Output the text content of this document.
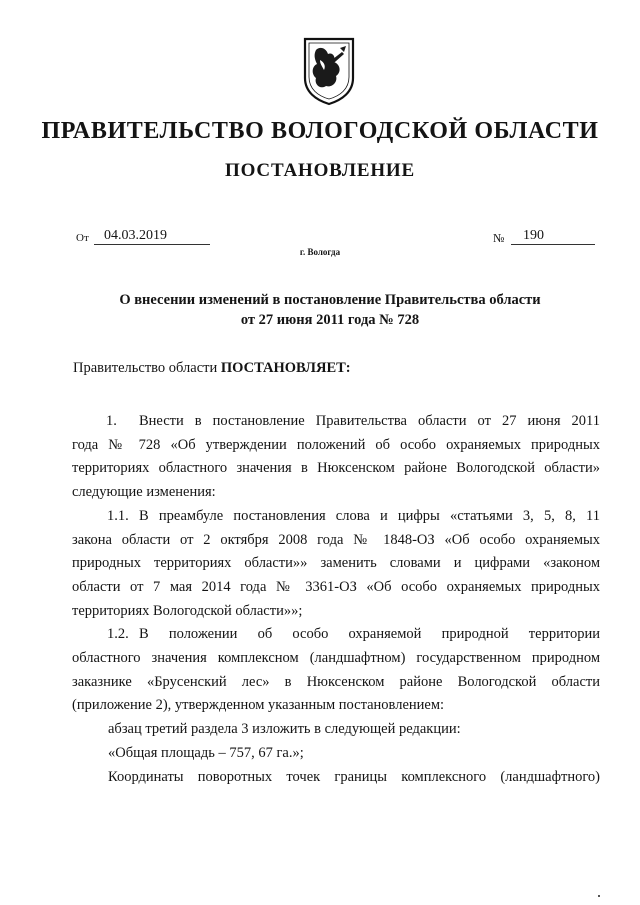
ПРАВИТЕЛЬСТВО ВОЛОГОДСКОЙ ОБЛАСТИ
ПОСТАНОВЛЕНИЕ
От	04.03.2019	№	190
г. Вологда
О внесении изменений в постановление Правительства области
от 27 июня 2011 года № 728
Правительство области ПОСТАНОВЛЯЕТ:
1. Внести в постановление Правительства области от 27 июня 2011
года № 728 «Об утверждении положений об особо охраняемых природных
территориях областного значения в Нюксенском районе Вологодской области»
следующие изменения:
1.1. В преамбуле постановления слова и цифры «статьями 3, 5, 8, 11
закона области от 2 октября 2008 года № 1848-ОЗ «Об особо охраняемых
природных территориях области»» заменить словами и цифрами «законом
области от 7 мая 2014 года № 3361-ОЗ «Об особо охраняемых природных
территориях Вологодской области»»;
1.2. В положении об особо охраняемой природной территории
областного значения комплексном (ландшафтном) государственном природном
заказнике «Брусенский лес» в Нюксенском районе Вологодской области
(приложение 2), утвержденном указанным постановлением:
абзац третий раздела 3 изложить в следующей редакции:
«Общая площадь – 757, 67 га.»;
Координаты поворотных точек границы комплексного (ландшафтного)
